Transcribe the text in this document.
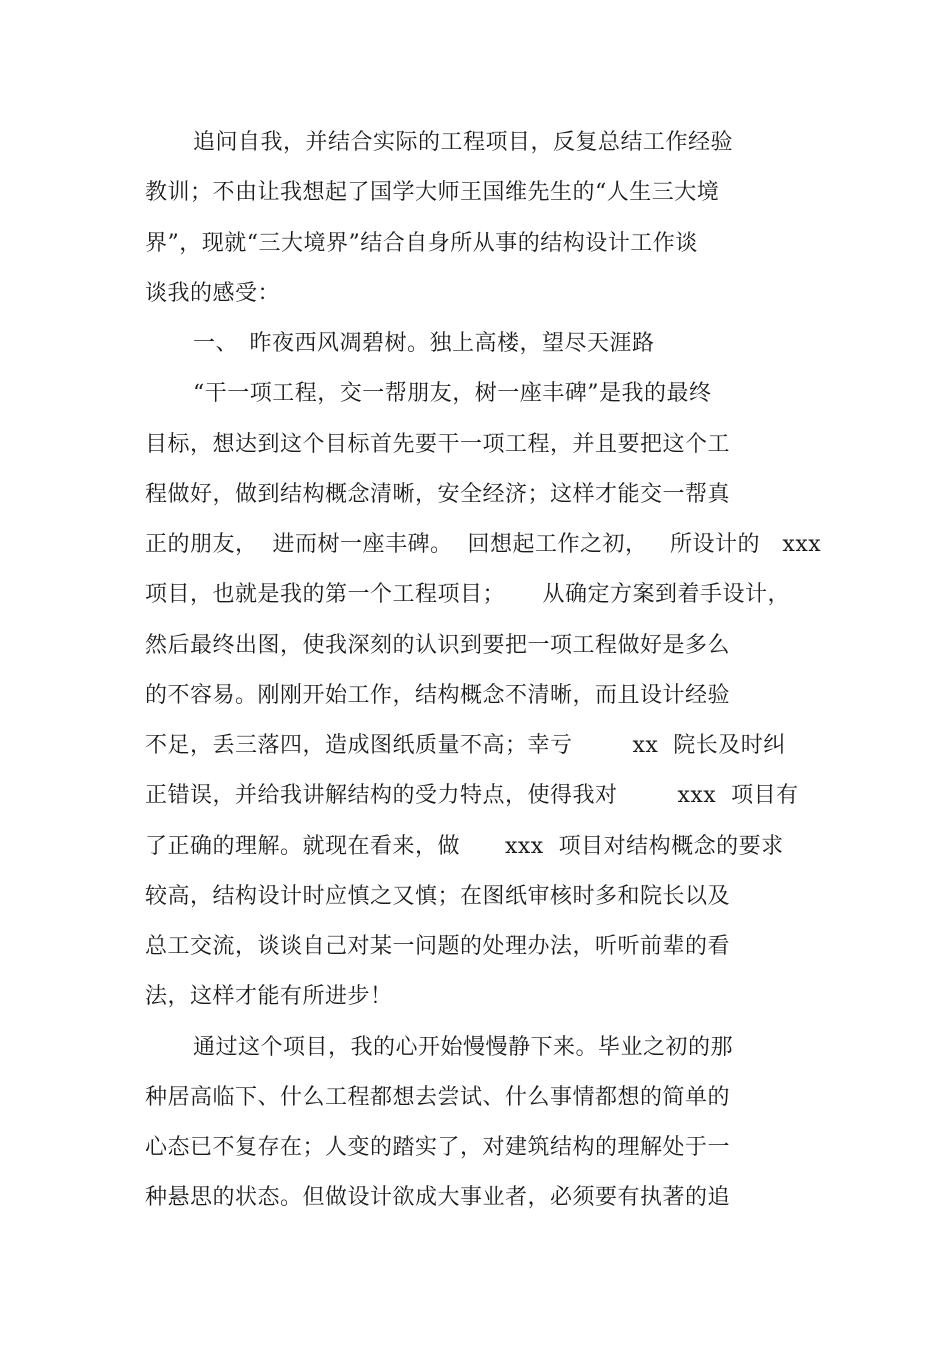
追问自我，并结合实际的工程项目，反复总结工作经验
教训；不由让我想起了国学大师王国维先生的“人生三大境
界”，现就“三大境界”结合自身所从事的结构设计工作谈
谈我的感受：
一、　昨夜西风凋碧树。独上高楼，望尽天涯路
“干一项工程，交一帮朋友，树一座丰碑”是我的最终
目标，想达到这个目标首先要干一项工程，并且要把这个工
程做好，做到结构概念清晰，安全经济；这样才能交一帮真
正的朋友，  进而树一座丰碑。  回想起工作之初，   所设计的   xxx
项目，也就是我的第一个工程项目；     从确定方案到着手设计，
然后最终出图，使我深刻的认识到要把一项工程做好是多么
的不容易。刚刚开始工作，结构概念不清晰，而且设计经验
不足，丢三落四，造成图纸质量不高；幸亏        xx  院长及时纠
正错误，并给我讲解结构的受力特点，使得我对        xxx  项目有
了正确的理解。就现在看来，做      xxx  项目对结构概念的要求
较高，结构设计时应慎之又慎；在图纸审核时多和院长以及
总工交流，谈谈自己对某一问题的处理办法，听听前辈的看
法，这样才能有所进步！
通过这个项目，我的心开始慢慢静下来。毕业之初的那
种居高临下、什么工程都想去尝试、什么事情都想的简单的
心态已不复存在；人变的踏实了，对建筑结构的理解处于一
种悬思的状态。但做设计欲成大事业者，必须要有执著的追
